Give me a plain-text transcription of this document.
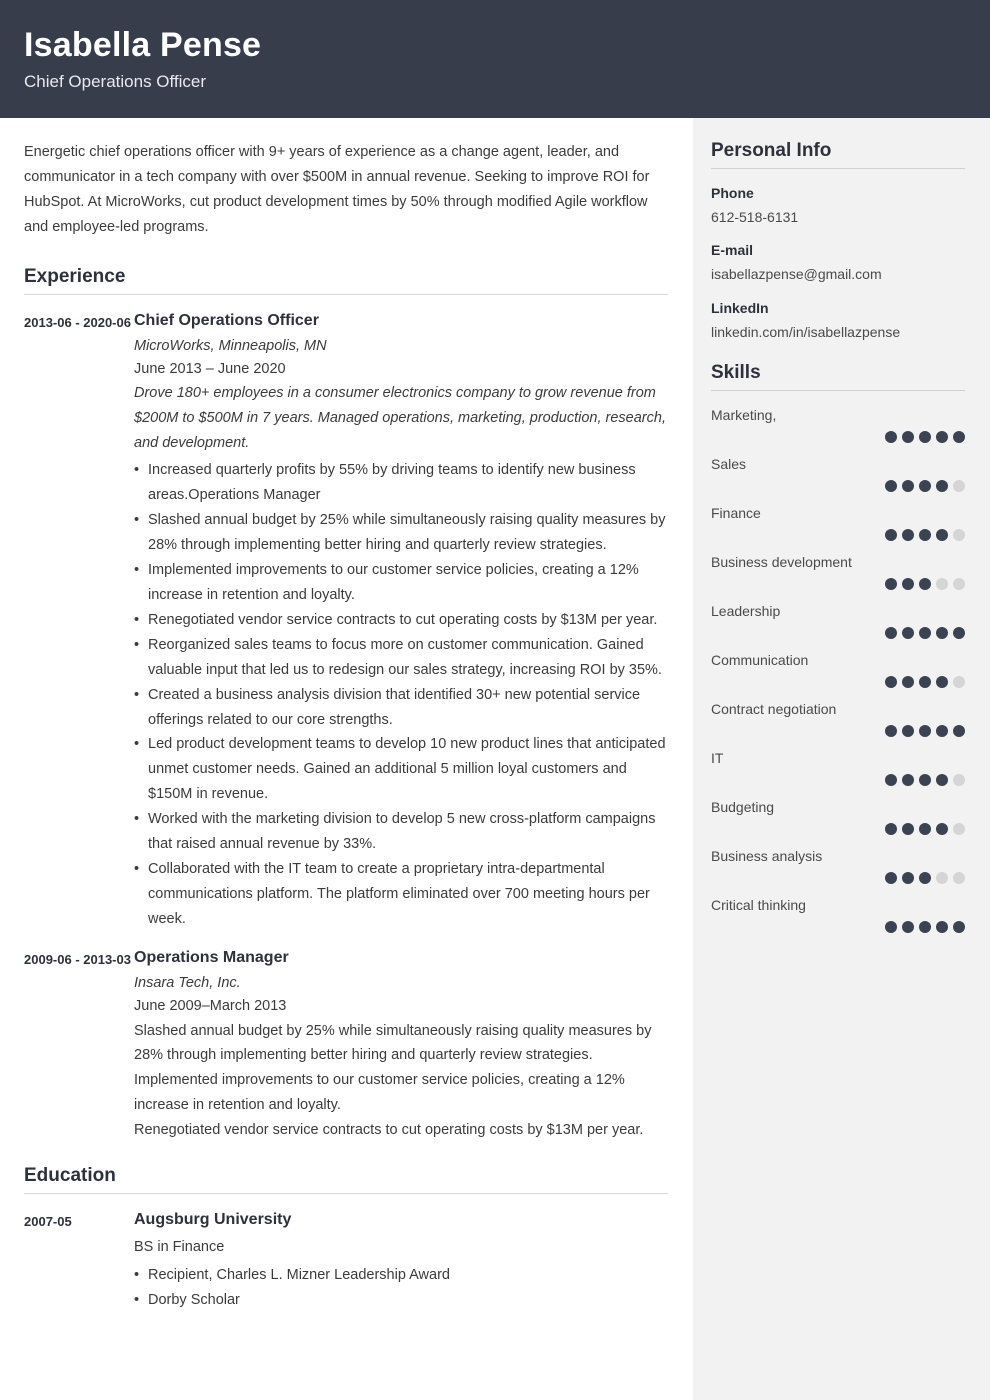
Isabella Pense
Chief Operations Officer

Energetic chief operations officer with 9+ years of experience as a change agent, leader, and communicator in a tech company with over $500M in annual revenue. Seeking to improve ROI for HubSpot. At MicroWorks, cut product development times by 50% through modified Agile workflow and employee-led programs.

Experience
2013-06 - 2020-06 Chief Operations Officer

MicroWorks, Minneapolis, MN

June 2013 – June 2020

Drove 180+ employees in a consumer electronics company to grow revenue from $200M to $500M in 7 years. Managed operations, marketing, production, research, and development.

• Increased quarterly profits by 55% by driving teams to identify new business areas.Operations Manager
• Slashed annual budget by 25% while simultaneously raising quality measures by 28% through implementing better hiring and quarterly review strategies.
• Implemented improvements to our customer service policies, creating a 12% increase in retention and loyalty.
• Renegotiated vendor service contracts to cut operating costs by $13M per year.
• Reorganized sales teams to focus more on customer communication. Gained valuable input that led us to redesign our sales strategy, increasing ROI by 35%.
• Created a business analysis division that identified 30+ new potential service offerings related to our core strengths.
• Led product development teams to develop 10 new product lines that anticipated unmet customer needs. Gained an additional 5 million loyal customers and $150M in revenue.
• Worked with the marketing division to develop 5 new cross-platform campaigns that raised annual revenue by 33%.
• Collaborated with the IT team to create a proprietary intra-departmental communications platform. The platform eliminated over 700 meeting hours per week.
2009-06 - 2013-03 Operations Manager

Insara Tech, Inc.

June 2009–March 2013

Slashed annual budget by 25% while simultaneously raising quality measures by 28% through implementing better hiring and quarterly review strategies.

Implemented improvements to our customer service policies, creating a 12% increase in retention and loyalty.

Renegotiated vendor service contracts to cut operating costs by $13M per year.

Education
2007-05	Augsburg University

BS in Finance

• Recipient, Charles L. Mizner Leadership Award
• Dorby Scholar
Personal Info
Phone
612-518-6131
E-mail
isabellazpense@gmail.com
LinkedIn
linkedin.com/in/isabellazpense
Skills
Marketing,
Sales
Finance
Business development
Leadership
Communication
Contract negotiation
IT
Budgeting
Business analysis
Critical thinking
